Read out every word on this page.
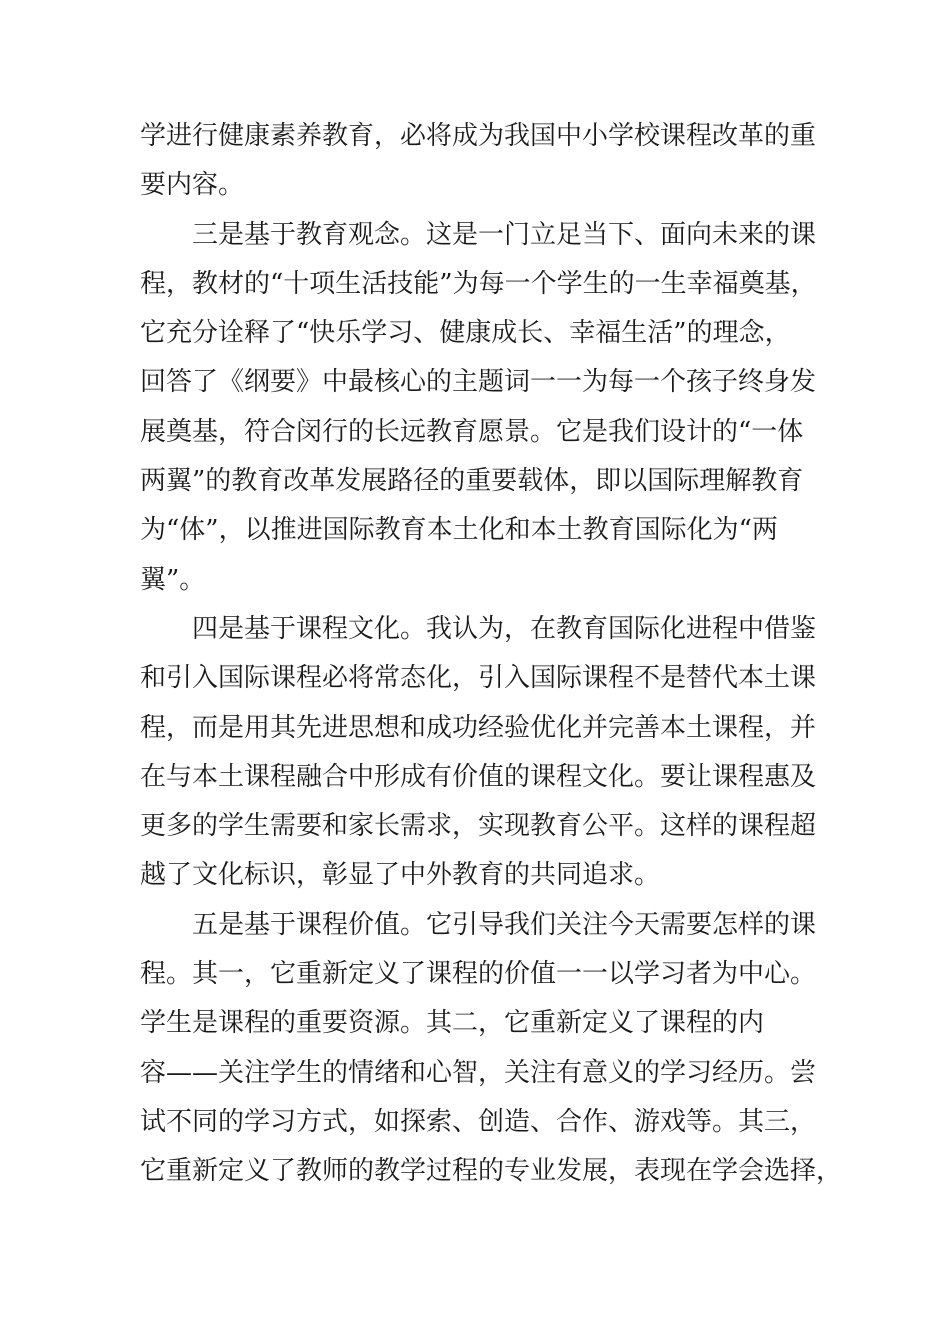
学进行健康素养教育，必将成为我国中小学校课程改革的重
要内容。
三是基于教育观念。这是一门立足当下、面向未来的课
程，教材的“十项生活技能”为每一个学生的一生幸福奠基，
它充分诠释了“快乐学习、健康成长、幸福生活”的理念，
回答了《纲要》中最核心的主题词一一为每一个孩子终身发
展奠基，符合闵行的长远教育愿景。它是我们设计的“一体
两翼”的教育改革发展路径的重要载体，即以国际理解教育
为“体”，以推进国际教育本土化和本土教育国际化为“两
翼”。
四是基于课程文化。我认为，在教育国际化进程中借鉴
和引入国际课程必将常态化，引入国际课程不是替代本土课
程，而是用其先进思想和成功经验优化并完善本土课程，并
在与本土课程融合中形成有价值的课程文化。要让课程惠及
更多的学生需要和家长需求，实现教育公平。这样的课程超
越了文化标识，彰显了中外教育的共同追求。
五是基于课程价值。它引导我们关注今天需要怎样的课
程。其一，它重新定义了课程的价值一一以学习者为中心。
学生是课程的重要资源。其二，它重新定义了课程的内
容——关注学生的情绪和心智，关注有意义的学习经历。尝
试不同的学习方式，如探索、创造、合作、游戏等。其三，
它重新定义了教师的教学过程的专业发展，表现在学会选择，
